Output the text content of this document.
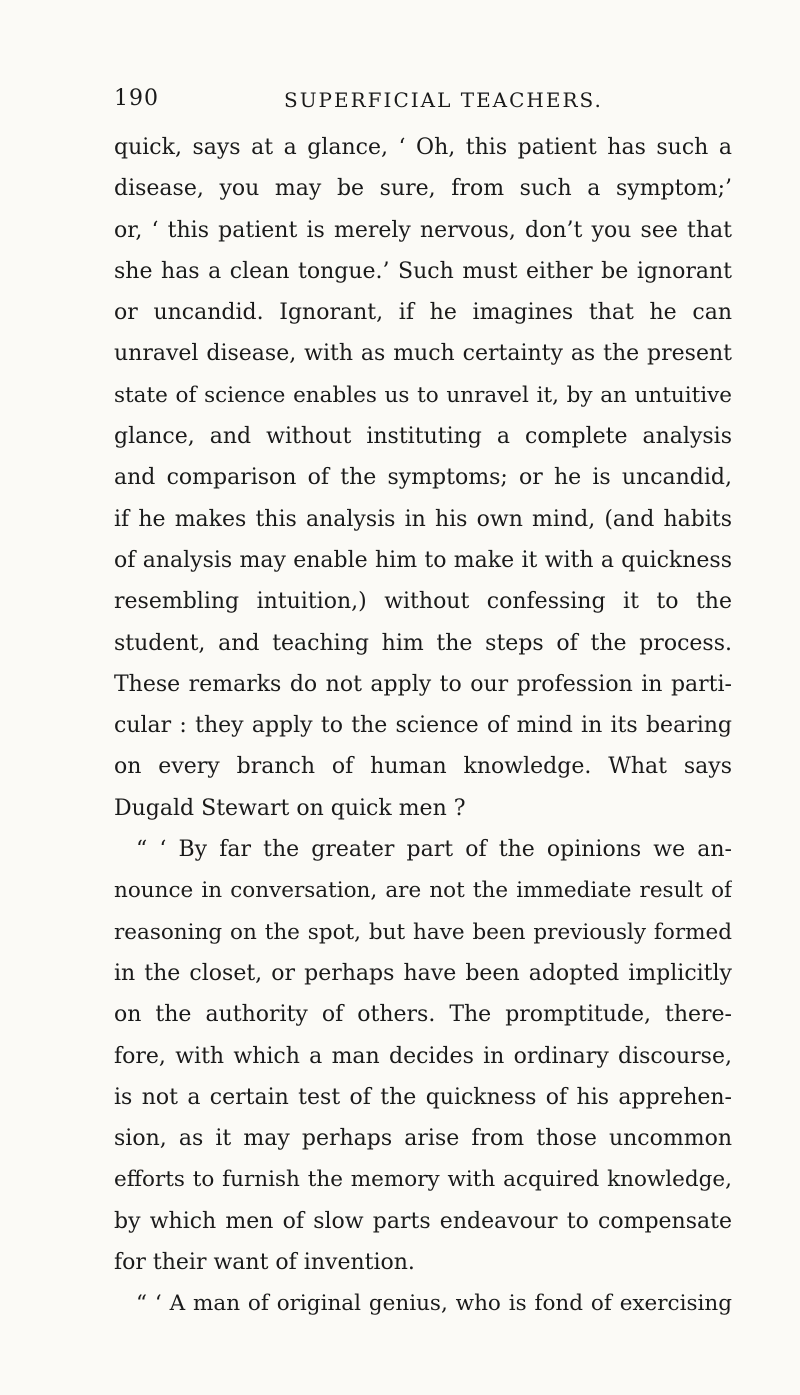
190	SUPERFICIAL TEACHERS.
quick, says at a glance, ‘ Oh, this patient has such a
disease, you may be sure, from such a symptom;’
or, ‘ this patient is merely nervous, don’t you see that
she has a clean tongue.’ Such must either be ignorant
or uncandid. Ignorant, if he imagines that he can
unravel disease, with as much certainty as the present
state of science enables us to unravel it, by an untuitive
glance, and without instituting a complete analysis
and comparison of the symptoms; or he is uncandid,
if he makes this analysis in his own mind, (and habits
of analysis may enable him to make it with a quickness
resembling intuition,) without confessing it to the
student, and teaching him the steps of the process.
These remarks do not apply to our profession in parti-
cular : they apply to the science of mind in its bearing
on every branch of human knowledge. What says
Dugald Stewart on quick men ?
“ ‘ By far the greater part of the opinions we an-
nounce in conversation, are not the immediate result of
reasoning on the spot, but have been previously formed
in the closet, or perhaps have been adopted implicitly
on the authority of others. The promptitude, there-
fore, with which a man decides in ordinary discourse,
is not a certain test of the quickness of his apprehen-
sion, as it may perhaps arise from those uncommon
efforts to furnish the memory with acquired knowledge,
by which men of slow parts endeavour to compensate
for their want of invention.
“ ‘ A man of original genius, who is fond of exercising
